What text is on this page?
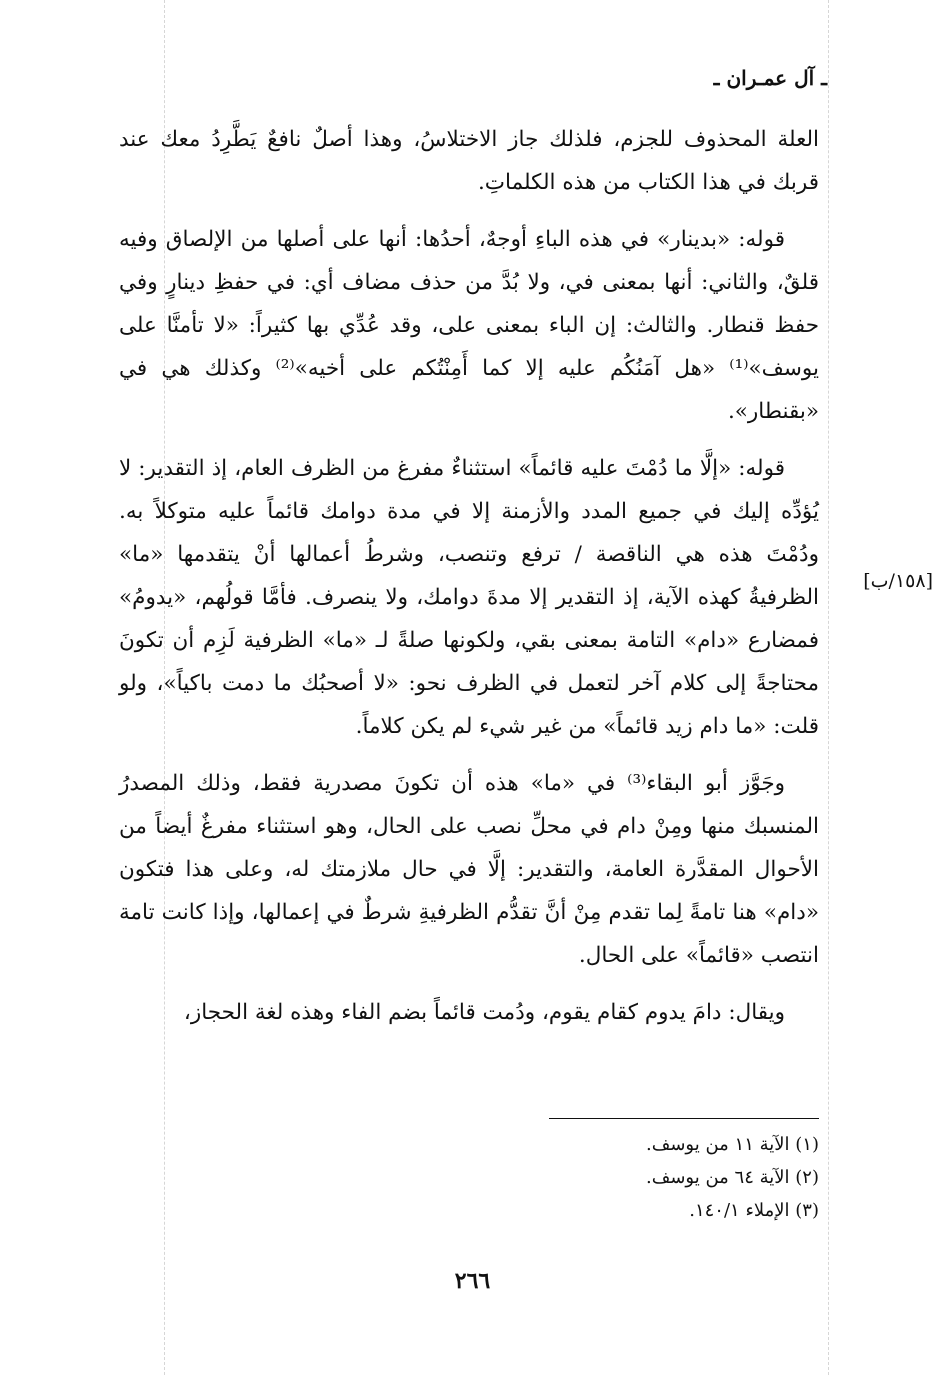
ـ آل عمـران ـ

العلة المحذوف للجزم، فلذلك جاز الاختلاسُ، وهذا أصلٌ نافعٌ يَطَّرِدُ معك عند قربك في هذا الكتاب من هذه الكلماتِ.

قوله: «بدينار» في هذه الباءِ أوجهٌ، أحدُها: أنها على أصلها من الإلصاق وفيه قلقٌ، والثاني: أنها بمعنى في، ولا بُدَّ من حذف مضاف أي: في حفظِ دينارٍ وفي حفظ قنطار. والثالث: إن الباء بمعنى على، وقد عُدِّي بها كثيراً: «لا تأمنَّا على يوسف»⁽¹⁾ «هل آمَنُكُم عليه إلا كما أَمِنْتُكم على أخيه»⁽²⁾ وكذلك هي في «بقنطار».

قوله: «إلَّا ما دُمْتَ عليه قائماً» استثناءٌ مفرغ من الظرف العام، إذ التقدير: لا يُؤدِّه إليك في جميع المدد والأزمنة إلا في مدة دوامك قائماً عليه متوكلاً به. ودُمْتَ هذه هي الناقصة / ترفع وتنصب، وشرطُ أعمالها أنْ يتقدمها «ما» الظرفيةُ كهذه الآية، إذ التقدير إلا مدةَ دوامك، ولا ينصرف. فأمَّا قولُهم، «يدومُ» فمضارع «دام» التامة بمعنى بقي، ولكونها صلةً لـ «ما» الظرفية لَزِم أن تكونَ محتاجةً إلى كلام آخر لتعمل في الظرف نحو: «لا أصحبُك ما دمت باكياً»، ولو قلت: «ما دام زيد قائماً» من غير شيء لم يكن كلاماً.

وجَوَّز أبو البقاء⁽³⁾ في «ما» هذه أن تكونَ مصدرية فقط، وذلك المصدرُ المنسبك منها ومِنْ دام في محلِّ نصب على الحال، وهو استثناء مفرغٌ أيضاً من الأحوال المقدَّرة العامة، والتقدير: إلَّا في حال ملازمتك له، وعلى هذا فتكون «دام» هنا تامةً لِما تقدم مِنْ أنَّ تقدُّم الظرفيةِ شرطٌ في إعمالها، وإذا كانت تامة انتصب «قائماً» على الحال.

ويقال: دامَ يدوم كقام يقوم، ودُمت قائماً بضم الفاء وهذه لغة الحجاز،

[١٥٨/ب]
(١) الآية ١١ من يوسف.
(٢) الآية ٦٤ من يوسف.
(٣) الإملاء ١٤٠/١.
٢٦٦
